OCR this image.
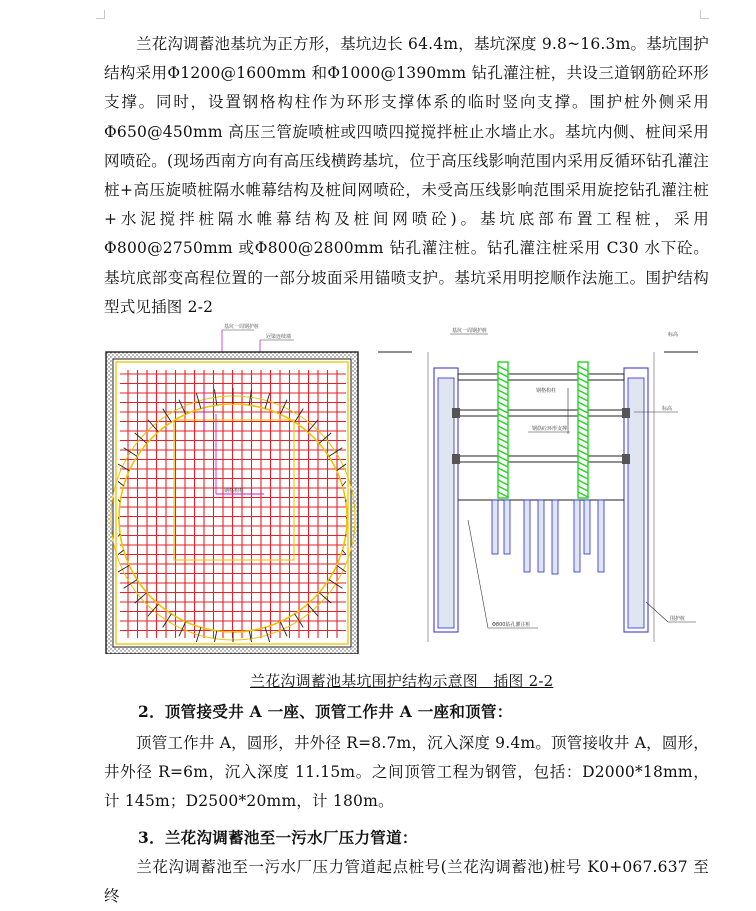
兰花沟调蓄池基坑为正方形，基坑边长 64.4m，基坑深度 9.8~16.3m。基坑围护结构采用Φ1200@1600mm 和Φ1000@1390mm 钻孔灌注桩，共设三道钢筋砼环形支撑。同时，设置钢格构柱作为环形支撑体系的临时竖向支撑。围护桩外侧采用Φ650@450mm 高压三管旋喷桩或四喷四搅搅拌桩止水墙止水。基坑内侧、桩间采用网喷砼。(现场西南方向有高压线横跨基坑，位于高压线影响范围内采用反循环钻孔灌注桩+高压旋喷桩隔水帷幕结构及桩间网喷砼，未受高压线影响范围采用旋挖钻孔灌注桩+水泥搅拌桩隔水帷幕结构及桩间网喷砼)。基坑底部布置工程桩，采用Φ800@2750mm 或Φ800@2800mm 钻孔灌注桩。钻孔灌注桩采用 C30 水下砼。基坑底部变高程位置的一部分坡面采用锚喷支护。基坑采用明挖顺作法施工。围护结构型式见插图 2-2

基坑一周钢护桩
冠梁连续墙
钢格构柱
基坑一周钢护桩
标高
钢格构柱
标高
钢筋砼环形支撑
Φ800钻孔灌注桩
围护桩
兰花沟调蓄池基坑围护结构示意图　插图 2-2
2．顶管接受井 A 一座、顶管工作井 A 一座和顶管：

顶管工作井 A，圆形，井外径 R=8.7m，沉入深度 9.4m。顶管接收井 A，圆形，井外径 R=6m，沉入深度 11.15m。之间顶管工程为钢管，包括：D2000*18mm，计 145m；D2500*20mm，计 180m。

3．兰花沟调蓄池至一污水厂压力管道：

兰花沟调蓄池至一污水厂压力管道起点桩号(兰花沟调蓄池)桩号 K0+067.637 至终
